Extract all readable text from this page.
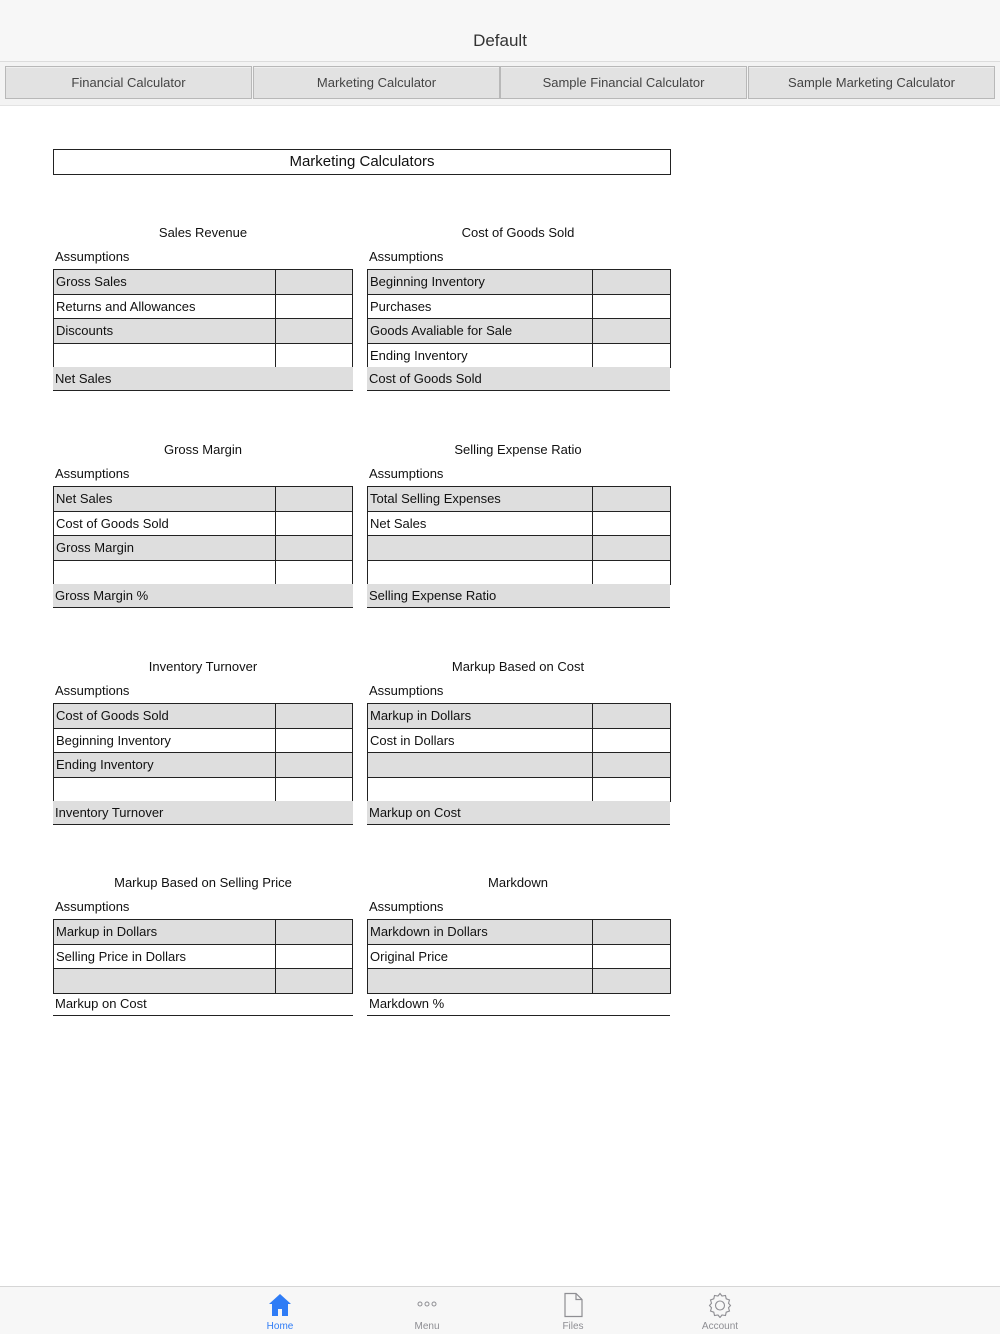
Default
Financial Calculator	Marketing Calculator	Sample Financial Calculator	Sample Marketing Calculator
Marketing Calculators
Sales Revenue
Assumptions
Gross Sales
Returns and Allowances
Discounts
Net Sales
Cost of Goods Sold
Assumptions
Beginning Inventory
Purchases
Goods Avaliable for Sale
Ending Inventory
Cost of Goods Sold
Gross Margin
Assumptions
Net Sales
Cost of Goods Sold
Gross Margin
Gross Margin %
Selling Expense Ratio
Assumptions
Total Selling Expenses
Net Sales
Selling Expense Ratio
Inventory Turnover
Assumptions
Cost of Goods Sold
Beginning Inventory
Ending Inventory
Inventory Turnover
Markup Based on Cost
Assumptions
Markup in Dollars
Cost in Dollars
Markup on Cost
Markup Based on Selling Price
Assumptions
Markup in Dollars
Selling Price in Dollars
Markup on Cost
Markdown
Assumptions
Markdown in Dollars
Original Price
Markdown %
Home	Menu	Files	Account
